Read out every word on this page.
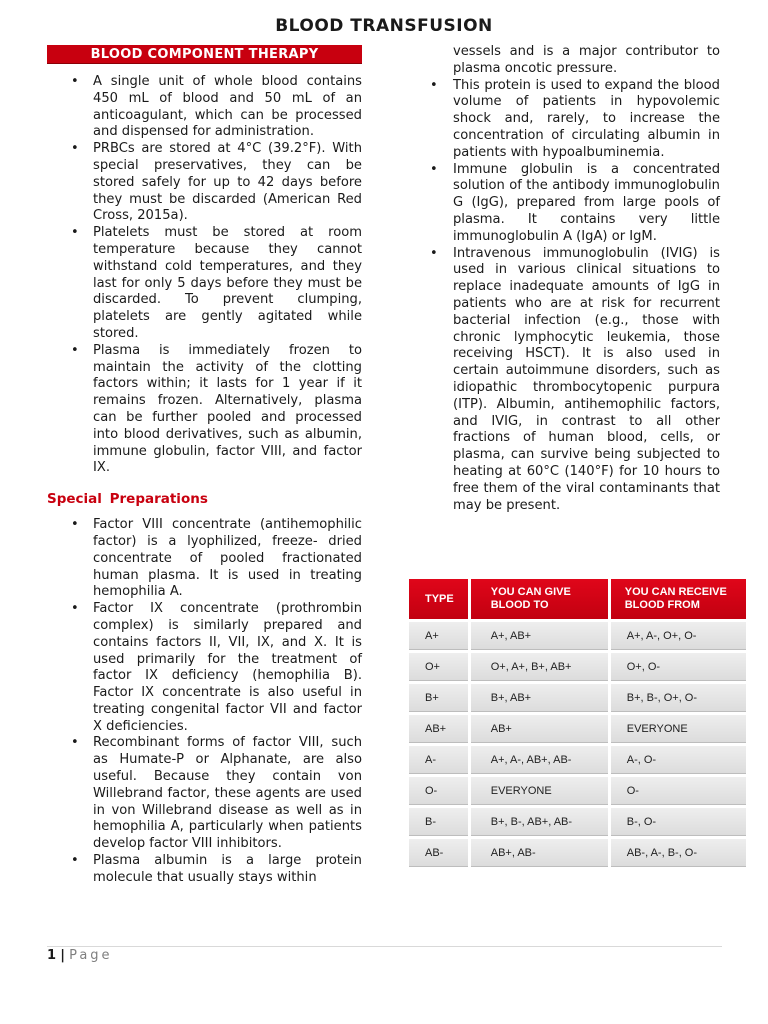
BLOOD TRANSFUSION
BLOOD COMPONENT THERAPY
• A single unit of whole blood contains 450 mL of blood and 50 mL of an anticoagulant, which can be processed and dispensed for administration.
• PRBCs are stored at 4°C (39.2°F). With special preservatives, they can be stored safely for up to 42 days before they must be discarded (American Red Cross, 2015a).
• Platelets must be stored at room temperature because they cannot withstand cold temperatures, and they last for only 5 days before they must be discarded. To prevent clumping, platelets are gently agitated while stored.
• Plasma is immediately frozen to maintain the activity of the clotting factors within; it lasts for 1 year if it remains frozen. Alternatively, plasma can be further pooled and processed into blood derivatives, such as albumin, immune globulin, factor VIII, and factor IX.
Special Preparations
• Factor VIII concentrate (antihemophilic factor) is a lyophilized, freeze- dried concentrate of pooled fractionated human plasma. It is used in treating hemophilia A.
• Factor IX concentrate (prothrombin complex) is similarly prepared and contains factors II, VII, IX, and X. It is used primarily for the treatment of factor IX deficiency (hemophilia B). Factor IX concentrate is also useful in treating congenital factor VII and factor X deficiencies.
• Recombinant forms of factor VIII, such as Humate-P or Alphanate, are also useful. Because they contain von Willebrand factor, these agents are used in von Willebrand disease as well as in hemophilia A, particularly when patients develop factor VIII inhibitors.
• Plasma albumin is a large protein molecule that usually stays within
vessels and is a major contributor to plasma oncotic pressure.
• This protein is used to expand the blood volume of patients in hypovolemic shock and, rarely, to increase the concentration of circulating albumin in patients with hypoalbuminemia.
• Immune globulin is a concentrated solution of the antibody immunoglobulin G (IgG), prepared from large pools of plasma. It contains very little immunoglobulin A (IgA) or IgM.
• Intravenous immunoglobulin (IVIG) is used in various clinical situations to replace inadequate amounts of IgG in patients who are at risk for recurrent bacterial infection (e.g., those with chronic lymphocytic leukemia, those receiving HSCT). It is also used in certain autoimmune disorders, such as idiopathic thrombocytopenic purpura (ITP). Albumin, antihemophilic factors, and IVIG, in contrast to all other fractions of human blood, cells, or plasma, can survive being subjected to heating at 60°C (140°F) for 10 hours to free them of the viral contaminants that may be present.
TYPE	YOU CAN GIVE BLOOD TO	YOU CAN RECEIVE BLOOD FROM
A+	A+, AB+	A+, A-, O+, O-
O+	O+, A+, B+, AB+	O+, O-
B+	B+, AB+	B+, B-, O+, O-
AB+	AB+	EVERYONE
A-	A+, A-, AB+, AB-	A-, O-
O-	EVERYONE	O-
B-	B+, B-, AB+, AB-	B-, O-
AB-	AB+, AB-	AB-, A-, B-, O-
1 | Page
